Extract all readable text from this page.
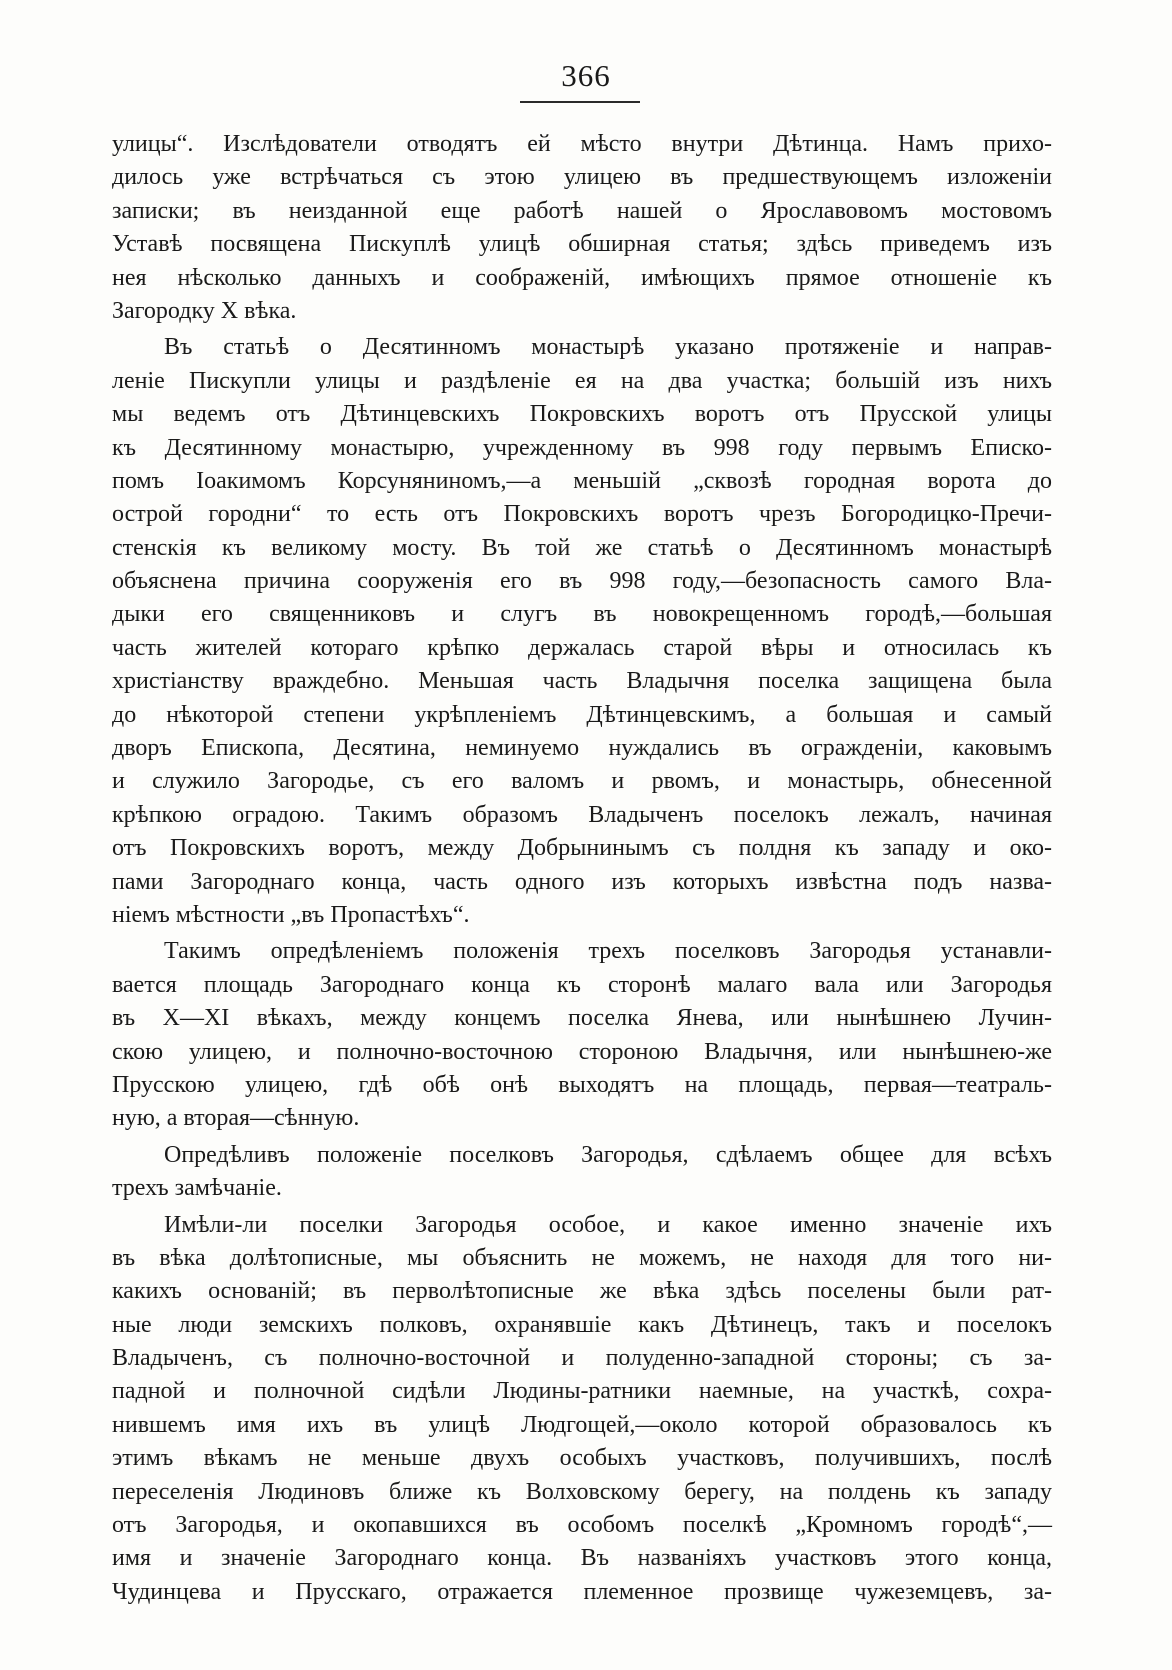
366
улицы“. Изслѣдователи отводятъ ей мѣсто внутри Дѣтинца. Намъ прихо-
дилось уже встрѣчаться съ этою улицею въ предшествующемъ изложеніи
записки; въ неизданной еще работѣ нашей о Ярославовомъ мостовомъ
Уставѣ посвящена Пискуплѣ улицѣ обширная статья; здѣсь приведемъ изъ
нея нѣсколько данныхъ и соображеній, имѣющихъ прямое отношеніе къ
Загородку X вѣка.
Въ статьѣ о Десятинномъ монастырѣ указано протяженіе и направ-
леніе Пискупли улицы и раздѣленіе ея на два участка; большій изъ нихъ
мы ведемъ отъ Дѣтинцевскихъ Покровскихъ воротъ отъ Прусской улицы
къ Десятинному монастырю, учрежденному въ 998 году первымъ Еписко-
помъ Іоакимомъ Корсуняниномъ,—а меньшій „сквозѣ городная ворота до
острой городни“ то есть отъ Покровскихъ воротъ чрезъ Богородицко-Пречи-
стенскія къ великому мосту. Въ той же статьѣ о Десятинномъ монастырѣ
объяснена причина сооруженія его въ 998 году,—безопасность самого Вла-
дыки его священниковъ и слугъ въ новокрещенномъ городѣ,—большая
часть жителей котораго крѣпко держалась старой вѣры и относилась къ
христіанству враждебно. Меньшая часть Владычня поселка защищена была
до нѣкоторой степени укрѣпленіемъ Дѣтинцевскимъ, а большая и самый
дворъ Епископа, Десятина, неминуемо нуждались въ огражденіи, каковымъ
и служило Загородье, съ его валомъ и рвомъ, и монастырь, обнесенной
крѣпкою оградою. Такимъ образомъ Владыченъ поселокъ лежалъ, начиная
отъ Покровскихъ воротъ, между Добрынинымъ съ полдня къ западу и око-
пами Загороднаго конца, часть одного изъ которыхъ извѣстна подъ назва-
ніемъ мѣстности „въ Пропастѣхъ“.
Такимъ опредѣленіемъ положенія трехъ поселковъ Загородья устанавли-
вается площадь Загороднаго конца къ сторонѣ малаго вала или Загородья
въ X—XI вѣкахъ, между концемъ поселка Янева, или нынѣшнею Лучин-
скою улицею, и полночно-восточною стороною Владычня, или нынѣшнею-же
Прусскою улицею, гдѣ обѣ онѣ выходятъ на площадь, первая—театраль-
ную, а вторая—сѣнную.
Опредѣливъ положеніе поселковъ Загородья, сдѣлаемъ общее для всѣхъ
трехъ замѣчаніе.
Имѣли-ли поселки Загородья особое, и какое именно значеніе ихъ
въ вѣка долѣтописные, мы объяснить не можемъ, не находя для того ни-
какихъ основаній; въ перволѣтописные же вѣка здѣсь поселены были рат-
ные люди земскихъ полковъ, охранявшіе какъ Дѣтинецъ, такъ и поселокъ
Владыченъ, съ полночно-восточной и полуденно-западной стороны; съ за-
падной и полночной сидѣли Людины-ратники наемные, на участкѣ, сохра-
нившемъ имя ихъ въ улицѣ Людгощей,—около которой образовалось къ
этимъ вѣкамъ не меньше двухъ особыхъ участковъ, получившихъ, послѣ
переселенія Людиновъ ближе къ Волховскому берегу, на полдень къ западу
отъ Загородья, и окопавшихся въ особомъ поселкѣ „Кромномъ городѣ“,—
имя и значеніе Загороднаго конца. Въ названіяхъ участковъ этого конца,
Чудинцева и Прусскаго, отражается племенное прозвище чужеземцевъ, за-
